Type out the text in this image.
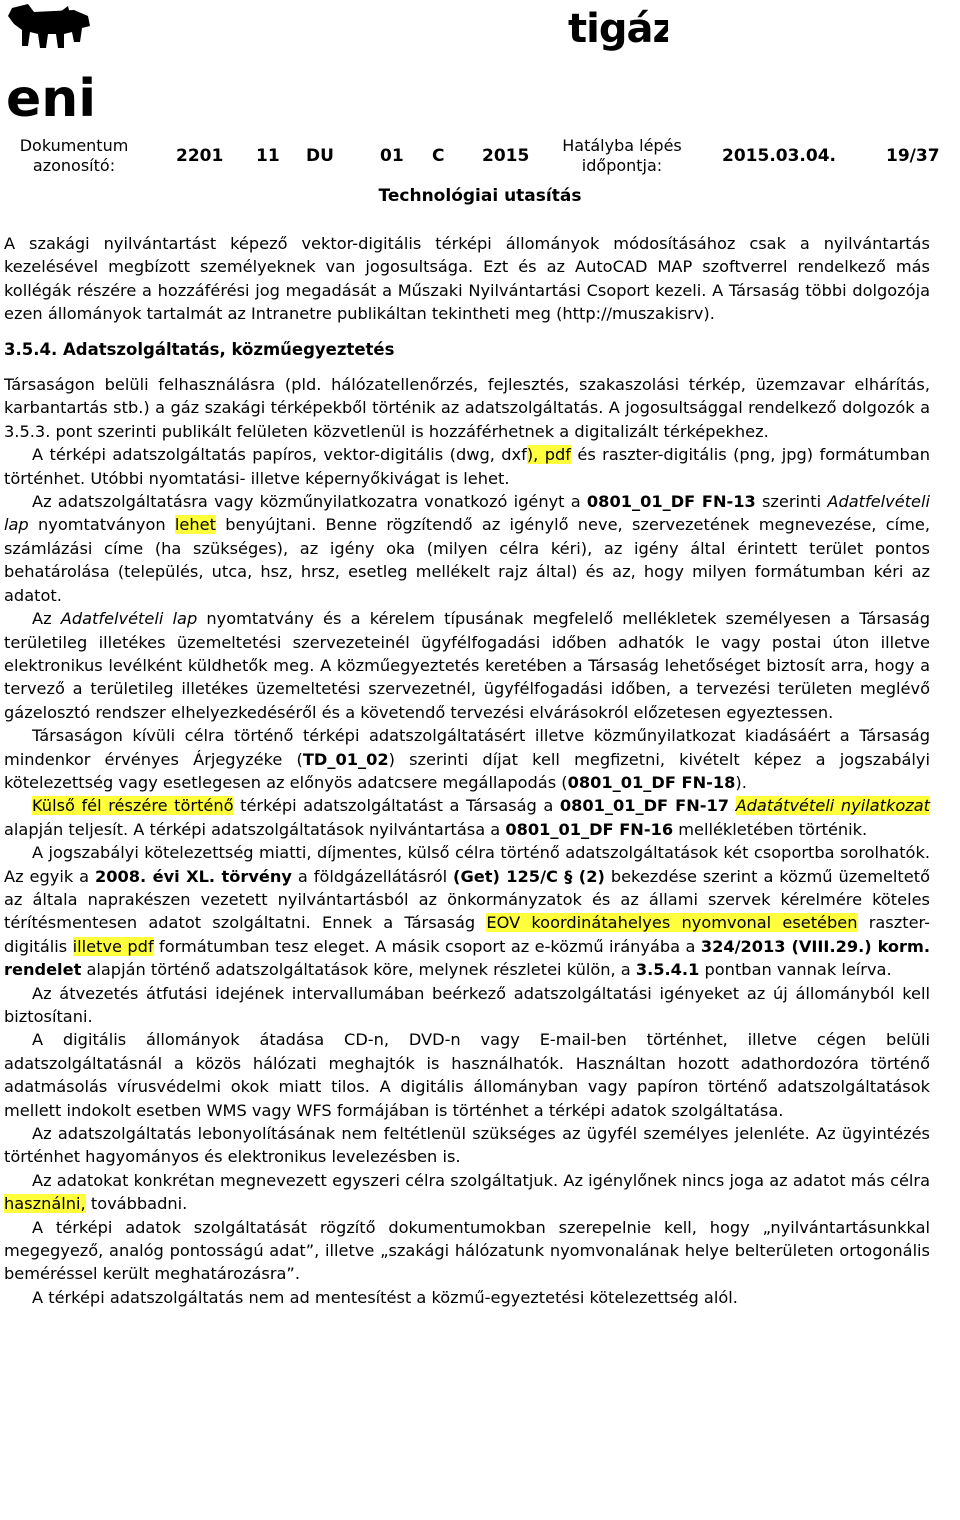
eni
tigáz
Dokumentum
azonosító:	2201 11 DU	01 C 2015
Hatályba lépés
időpontja:	2015.03.04.	19/37
Technológiai utasítás

A szakági nyilvántartást képező vektor-digitális térképi állományok módosításához csak a nyilvántartás kezelésével megbízott személyeknek van jogosultsága. Ezt és az AutoCAD MAP szoftverrel rendelkező más kollégák részére a hozzáférési jog megadását a Műszaki Nyilvántartási Csoport kezeli. A Társaság többi dolgozója ezen állományok tartalmát az Intranetre publikáltan tekintheti meg (http://muszakisrv).

3.5.4. Adatszolgáltatás, közműegyeztetés

Társaságon belüli felhasználásra (pld. hálózatellenőrzés, fejlesztés, szakaszolási térkép, üzemzavar elhárítás, karbantartás stb.) a gáz szakági térképekből történik az adatszolgáltatás. A jogosultsággal rendelkező dolgozók a 3.5.3. pont szerinti publikált felületen közvetlenül is hozzáférhetnek a digitalizált térképekhez.

A térképi adatszolgáltatás papíros, vektor-digitális (dwg, dxf), pdf és raszter-digitális (png, jpg) formátumban történhet. Utóbbi nyomtatási- illetve képernyőkivágat is lehet.

Az adatszolgáltatásra vagy közműnyilatkozatra vonatkozó igényt a 0801_01_DF FN-13 szerinti Adatfelvételi lap nyomtatványon lehet benyújtani. Benne rögzítendő az igénylő neve, szervezetének megnevezése, címe, számlázási címe (ha szükséges), az igény oka (milyen célra kéri), az igény által érintett terület pontos behatárolása (település, utca, hsz, hrsz, esetleg mellékelt rajz által) és az, hogy milyen formátumban kéri az adatot.

Az Adatfelvételi lap nyomtatvány és a kérelem típusának megfelelő mellékletek személyesen a Társaság területileg illetékes üzemeltetési szervezeteinél ügyfélfogadási időben adhatók le vagy postai úton illetve elektronikus levélként küldhetők meg. A közműegyeztetés keretében a Társaság lehetőséget biztosít arra, hogy a tervező a területileg illetékes üzemeltetési szervezetnél, ügyfélfogadási időben, a tervezési területen meglévő gázelosztó rendszer elhelyezkedéséről és a követendő tervezési elvárásokról előzetesen egyeztessen.

Társaságon kívüli célra történő térképi adatszolgáltatásért illetve közműnyilatkozat kiadásáért a Társaság mindenkor érvényes Árjegyzéke (TD_01_02) szerinti díjat kell megfizetni, kivételt képez a jogszabályi kötelezettség vagy esetlegesen az előnyös adatcsere megállapodás (0801_01_DF FN-18).

Külső fél részére történő térképi adatszolgáltatást a Társaság a 0801_01_DF FN-17 Adatátvételi nyilatkozat alapján teljesít. A térképi adatszolgáltatások nyilvántartása a 0801_01_DF FN-16 mellékletében történik.

A jogszabályi kötelezettség miatti, díjmentes, külső célra történő adatszolgáltatások két csoportba sorolhatók. Az egyik a 2008. évi XL. törvény a földgázellátásról (Get) 125/C § (2) bekezdése szerint a közmű üzemeltető az általa naprakészen vezetett nyilvántartásból az önkormányzatok és az állami szervek kérelmére köteles térítésmentesen adatot szolgáltatni. Ennek a Társaság EOV koordinátahelyes nyomvonal esetében raszter-digitális illetve pdf formátumban tesz eleget. A másik csoport az e-közmű irányába a 324/2013 (VIII.29.) korm. rendelet alapján történő adatszolgáltatások köre, melynek részletei külön, a 3.5.4.1 pontban vannak leírva.

Az átvezetés átfutási idejének intervallumában beérkező adatszolgáltatási igényeket az új állományból kell biztosítani.

A digitális állományok átadása CD-n, DVD-n vagy E-mail-ben történhet, illetve cégen belüli adatszolgáltatásnál a közös hálózati meghajtók is használhatók. Használtan hozott adathordozóra történő adatmásolás vírusvédelmi okok miatt tilos. A digitális állományban vagy papíron történő adatszolgáltatások mellett indokolt esetben WMS vagy WFS formájában is történhet a térképi adatok szolgáltatása.

Az adatszolgáltatás lebonyolításának nem feltétlenül szükséges az ügyfél személyes jelenléte. Az ügyintézés történhet hagyományos és elektronikus levelezésben is.

Az adatokat konkrétan megnevezett egyszeri célra szolgáltatjuk. Az igénylőnek nincs joga az adatot más célra használni, továbbadni.

A térképi adatok szolgáltatását rögzítő dokumentumokban szerepelnie kell, hogy „nyilvántartásunkkal megegyező, analóg pontosságú adat”, illetve „szakági hálózatunk nyomvonalának helye belterületen ortogonális beméréssel került meghatározásra”.

A térképi adatszolgáltatás nem ad mentesítést a közmű-egyeztetési kötelezettség alól.
